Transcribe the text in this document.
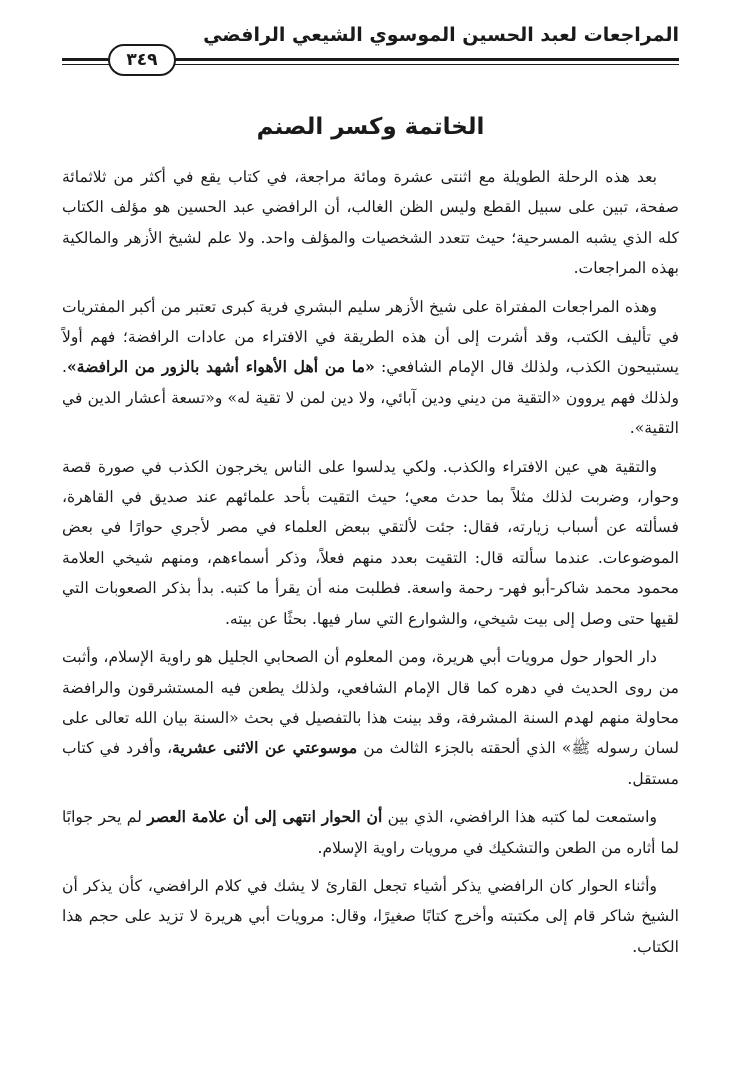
المراجعات لعبد الحسين الموسوي الشيعي الرافضي
٣٤٩
الخاتمة وكسر الصنم

بعد هذه الرحلة الطويلة مع اثنتى عشرة ومائة مراجعة، في كتاب يقع في أكثر من ثلاثمائة صفحة، تبين على سبيل القطع وليس الظن الغالب، أن الرافضي عبد الحسين هو مؤلف الكتاب كله الذي يشبه المسرحية؛ حيث تتعدد الشخصيات والمؤلف واحد. ولا علم لشيخ الأزهر والمالكية بهذه المراجعات.

وهذه المراجعات المفتراة على شيخ الأزهر سليم البشري فرية كبرى تعتبر من أكبر المفتريات في تأليف الكتب، وقد أشرت إلى أن هذه الطريقة في الافتراء من عادات الرافضة؛ فهم أولاً يستبيحون الكذب، ولذلك قال الإمام الشافعي: «ما من أهل الأهواء أشهد بالزور من الرافضة». ولذلك فهم يروون «التقية من ديني ودين آبائي، ولا دين لمن لا تقية له» و«تسعة أعشار الدين في التقية».

والتقية هي عين الافتراء والكذب. ولكي يدلسوا على الناس يخرجون الكذب في صورة قصة وحوار، وضربت لذلك مثلاً بما حدث معي؛ حيث التقيت بأحد علمائهم عند صديق في القاهرة، فسألته عن أسباب زيارته، فقال: جئت لألتقي ببعض العلماء في مصر لأجري حوارًا في بعض الموضوعات. عندما سألته قال: التقيت بعدد منهم فعلاً، وذكر أسماءهم، ومنهم شيخي العلامة محمود محمد شاكر-أبو فهر- رحمة واسعة. فطلبت منه أن يقرأ ما كتبه. بدأ بذكر الصعوبات التي لقيها حتى وصل إلى بيت شيخي، والشوارع التي سار فيها. بحثًا عن بيته.

دار الحوار حول مرويات أبي هريرة، ومن المعلوم أن الصحابي الجليل هو راوية الإسلام، وأثبت من روى الحديث في دهره كما قال الإمام الشافعي، ولذلك يطعن فيه المستشرقون والرافضة محاولة منهم لهدم السنة المشرفة، وقد بينت هذا بالتفصيل في بحث «السنة بيان الله تعالى على لسان رسوله ﷺ» الذي ألحقته بالجزء الثالث من موسوعتي عن الاثنى عشرية، وأفرد في كتاب مستقل.

واستمعت لما كتبه هذا الرافضي، الذي بين أن الحوار انتهى إلى أن علامة العصر لم يحر جوابًا لما أثاره من الطعن والتشكيك في مرويات راوية الإسلام.

وأثناء الحوار كان الرافضي يذكر أشياء تجعل القارئ لا يشك في كلام الرافضي، كأن يذكر أن الشيخ شاكر قام إلى مكتبته وأخرج كتابًا صغيرًا، وقال: مرويات أبي هريرة لا تزيد على حجم هذا الكتاب.
